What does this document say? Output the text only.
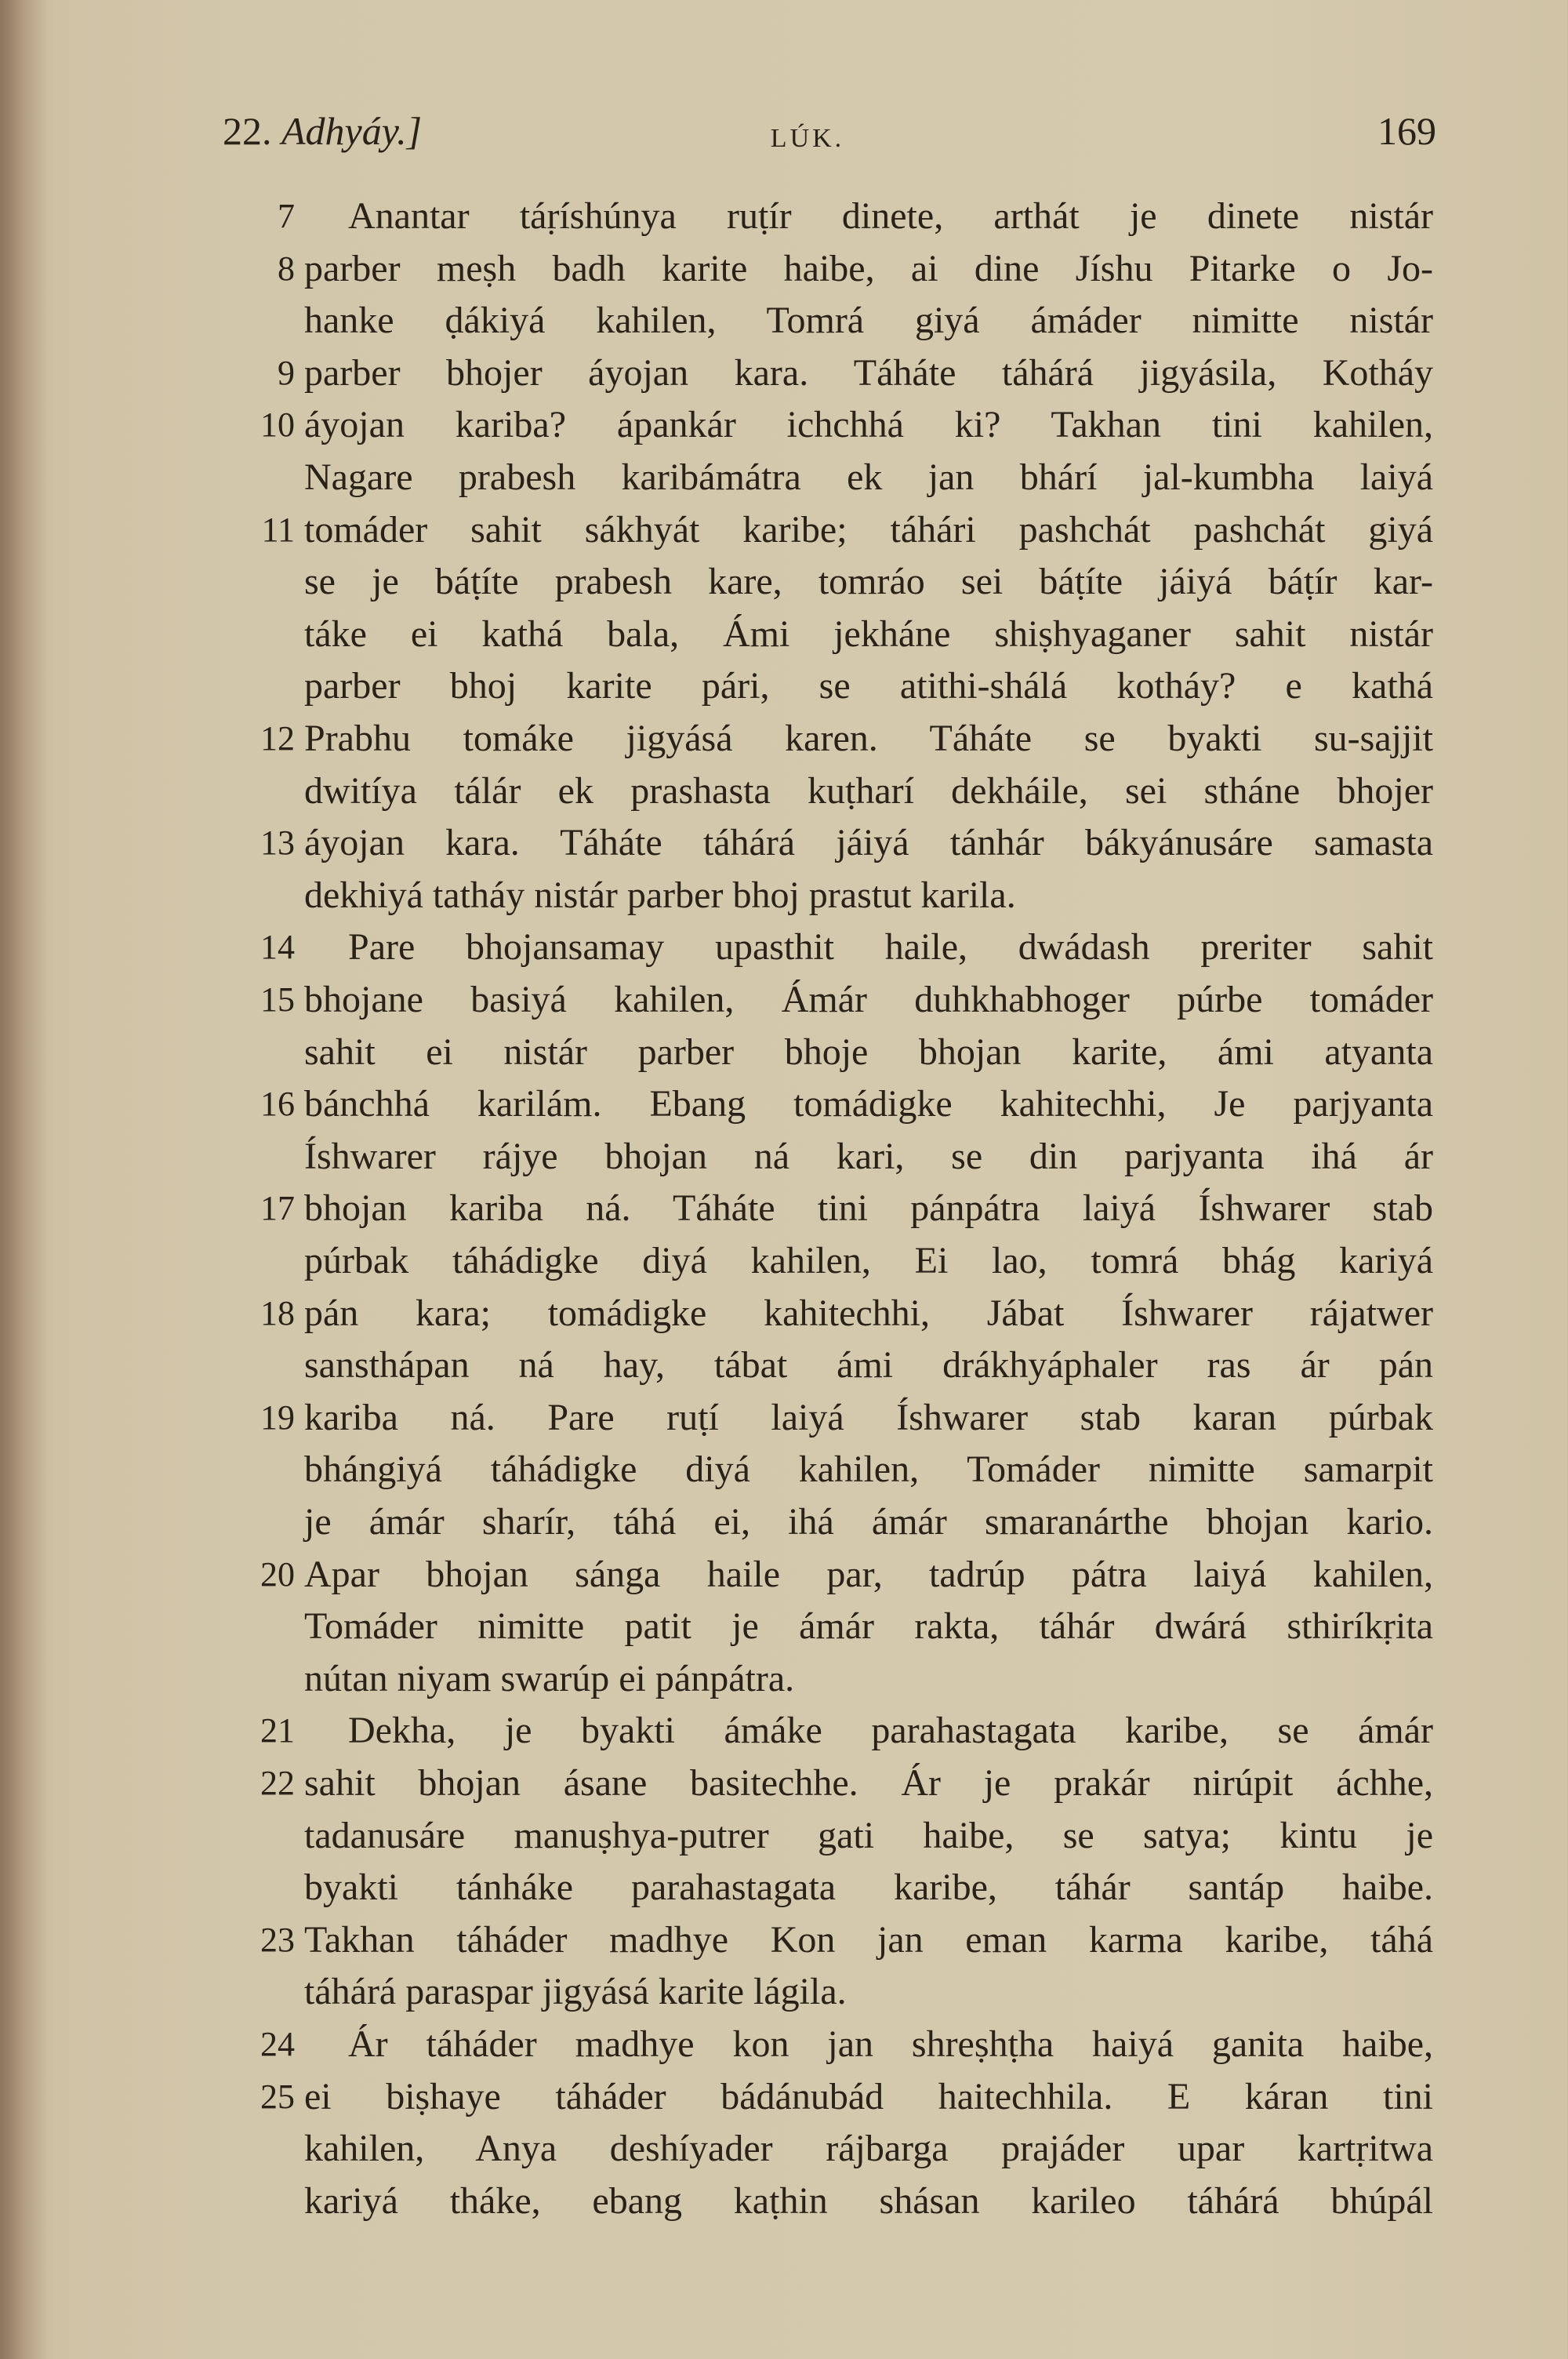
22. Adhyáy.]	LÚK.	169
7 Anantar táṛíshúnya ruṭír dinete, arthát je dinete nistár
8 parber meṣh badh karite haibe, ai dine Jíshu Pitarke o Jo-
hanke ḍákiyá kahilen, Tomrá giyá ámáder nimitte nistár
9 parber bhojer áyojan kara. Táháte táhárá jigyásila, Kotháy
10 áyojan kariba? ápankár ichchhá ki? Takhan tini kahilen,
Nagare prabesh karibámátra ek jan bhárí jal-kumbha laiyá
11 tomáder sahit sákhyát karibe; táhári pashchát pashchát giyá
se je báṭíte prabesh kare, tomráo sei báṭíte jáiyá báṭír kar-
táke ei kathá bala, Ámi jekháne shiṣhyaganer sahit nistár
parber bhoj karite pári, se atithi-shálá kotháy? e kathá
12 Prabhu tomáke jigyásá karen. Táháte se byakti su-sajjit
dwitíya tálár ek prashasta kuṭharí dekháile, sei stháne bhojer
13 áyojan kara. Táháte táhárá jáiyá tánhár bákyánusáre samasta
dekhiyá tatháy nistár parber bhoj prastut karila.
14 Pare bhojansamay upasthit haile, dwádash preriter sahit
15 bhojane basiyá kahilen, Ámár duhkhabhoger púrbe tomáder
sahit ei nistár parber bhoje bhojan karite, ámi atyanta
16 bánchhá karilám. Ebang tomádigke kahitechhi, Je parjyanta
Íshwarer rájye bhojan ná kari, se din parjyanta ihá ár
17 bhojan kariba ná. Táháte tini pánpátra laiyá Íshwarer stab
púrbak táhádigke diyá kahilen, Ei lao, tomrá bhág kariyá
18 pán kara; tomádigke kahitechhi, Jábat Íshwarer rájatwer
sansthápan ná hay, tábat ámi drákhyáphaler ras ár pán
19 kariba ná. Pare ruṭí laiyá Íshwarer stab karan púrbak
bhángiyá táhádigke diyá kahilen, Tomáder nimitte samarpit
je ámár sharír, táhá ei, ihá ámár smaranárthe bhojan kario.
20 Apar bhojan sánga haile par, tadrúp pátra laiyá kahilen,
Tomáder nimitte patit je ámár rakta, táhár dwárá sthiríkṛita
nútan niyam swarúp ei pánpátra.
21 Dekha, je byakti ámáke parahastagata karibe, se ámár
22 sahit bhojan ásane basitechhe. Ár je prakár nirúpit áchhe,
tadanusáre manuṣhya-putrer gati haibe, se satya; kintu je
byakti tánháke parahastagata karibe, táhár santáp haibe.
23 Takhan táháder madhye Kon jan eman karma karibe, táhá
táhárá paraspar jigyásá karite lágila.
24 Ár táháder madhye kon jan shreṣhṭha haiyá ganita haibe,
25 ei biṣhaye táháder bádánubád haitechhila. E káran tini
kahilen, Anya deshíyader rájbarga prajáder upar kartṛitwa
kariyá tháke, ebang kaṭhin shásan karileo táhárá bhúpál
